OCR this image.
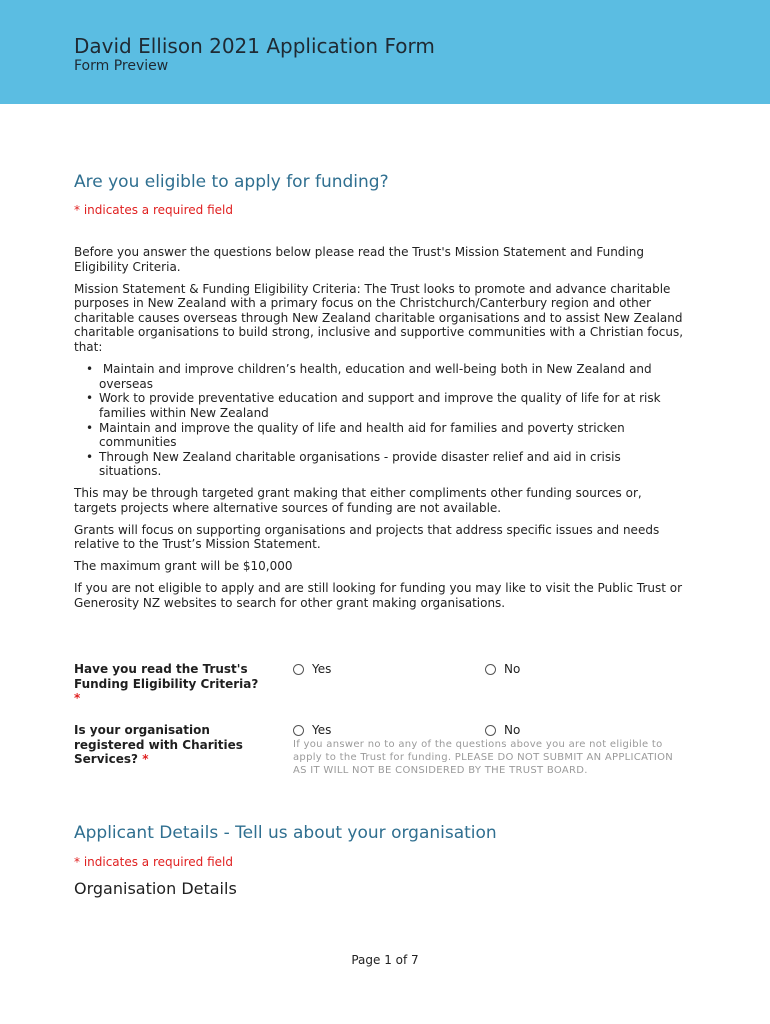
David Ellison 2021 Application Form
Form Preview
Are you eligible to apply for funding?
* indicates a required field

Before you answer the questions below please read the Trust's Mission Statement and Funding Eligibility Criteria.

Mission Statement & Funding Eligibility Criteria: The Trust looks to promote and advance charitable purposes in New Zealand with a primary focus on the Christchurch/Canterbury region and other charitable causes overseas through New Zealand charitable organisations and to assist New Zealand charitable organisations to build strong, inclusive and supportive communities with a Christian focus, that:

• Maintain and improve children’s health, education and well-being both in New Zealand and overseas
• Work to provide preventative education and support and improve the quality of life for at risk families within New Zealand
• Maintain and improve the quality of life and health aid for families and poverty stricken communities
• Through New Zealand charitable organisations - provide disaster relief and aid in crisis situations.

This may be through targeted grant making that either compliments other funding sources or, targets projects where alternative sources of funding are not available.

Grants will focus on supporting organisations and projects that address specific issues and needs relative to the Trust’s Mission Statement.

The maximum grant will be $10,000

If you are not eligible to apply and are still looking for funding you may like to visit the Public Trust or Generosity NZ websites to search for other grant making organisations.

Have you read the Trust's Funding Eligibility Criteria? *
Yes	No
Is your organisation registered with Charities Services? *
Yes	No
If you answer no to any of the questions above you are not eligible to apply to the Trust for funding. PLEASE DO NOT SUBMIT AN APPLICATION AS IT WILL NOT BE CONSIDERED BY THE TRUST BOARD.
Applicant Details - Tell us about your organisation
* indicates a required field
Organisation Details
Page 1 of 7
